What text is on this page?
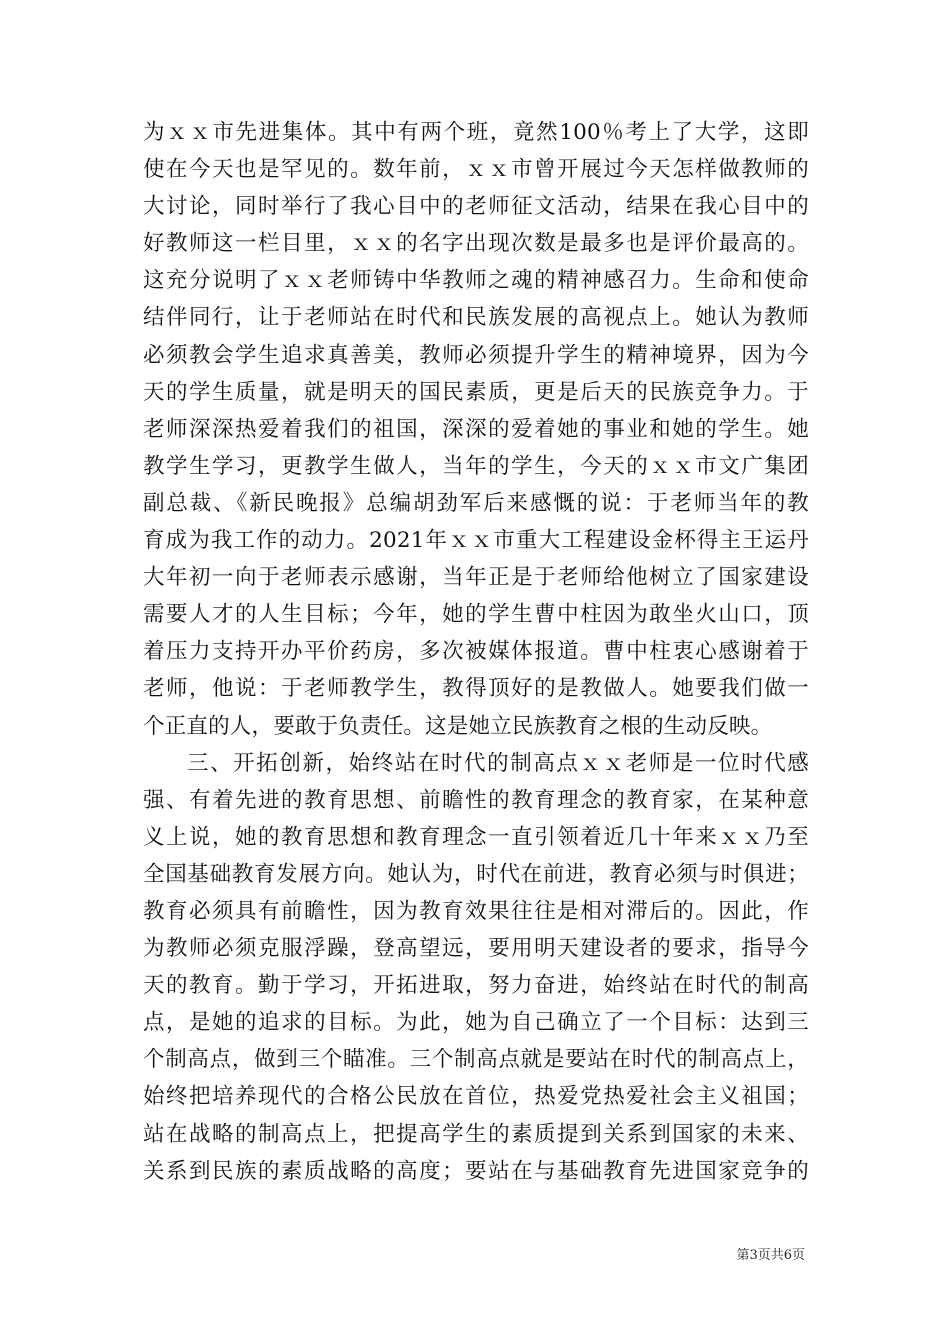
为ｘｘ市先进集体。其中有两个班，竟然100％考上了大学，这即
使在今天也是罕见的。数年前，ｘｘ市曾开展过今天怎样做教师的
大讨论，同时举行了我心目中的老师征文活动，结果在我心目中的
好教师这一栏目里，ｘｘ的名字出现次数是最多也是评价最高的。
这充分说明了ｘｘ老师铸中华教师之魂的精神感召力。生命和使命
结伴同行，让于老师站在时代和民族发展的高视点上。她认为教师
必须教会学生追求真善美，教师必须提升学生的精神境界，因为今
天的学生质量，就是明天的国民素质，更是后天的民族竞争力。于
老师深深热爱着我们的祖国，深深的爱着她的事业和她的学生。她
教学生学习，更教学生做人，当年的学生，今天的ｘｘ市文广集团
副总裁、《新民晚报》总编胡劲军后来感慨的说：于老师当年的教
育成为我工作的动力。2021年ｘｘ市重大工程建设金杯得主王运丹
大年初一向于老师表示感谢，当年正是于老师给他树立了国家建设
需要人才的人生目标；今年，她的学生曹中柱因为敢坐火山口，顶
着压力支持开办平价药房，多次被媒体报道。曹中柱衷心感谢着于
老师，他说：于老师教学生，教得顶好的是教做人。她要我们做一
个正直的人，要敢于负责任。这是她立民族教育之根的生动反映。
三、开拓创新，始终站在时代的制高点ｘｘ老师是一位时代感
强、有着先进的教育思想、前瞻性的教育理念的教育家，在某种意
义上说，她的教育思想和教育理念一直引领着近几十年来ｘｘ乃至
全国基础教育发展方向。她认为，时代在前进，教育必须与时俱进；
教育必须具有前瞻性，因为教育效果往往是相对滞后的。因此，作
为教师必须克服浮躁，登高望远，要用明天建设者的要求，指导今
天的教育。勤于学习，开拓进取，努力奋进，始终站在时代的制高
点，是她的追求的目标。为此，她为自己确立了一个目标：达到三
个制高点，做到三个瞄准。三个制高点就是要站在时代的制高点上，
始终把培养现代的合格公民放在首位，热爱党热爱社会主义祖国；
站在战略的制高点上，把提高学生的素质提到关系到国家的未来、
关系到民族的素质战略的高度；要站在与基础教育先进国家竞争的
第3页共6页
